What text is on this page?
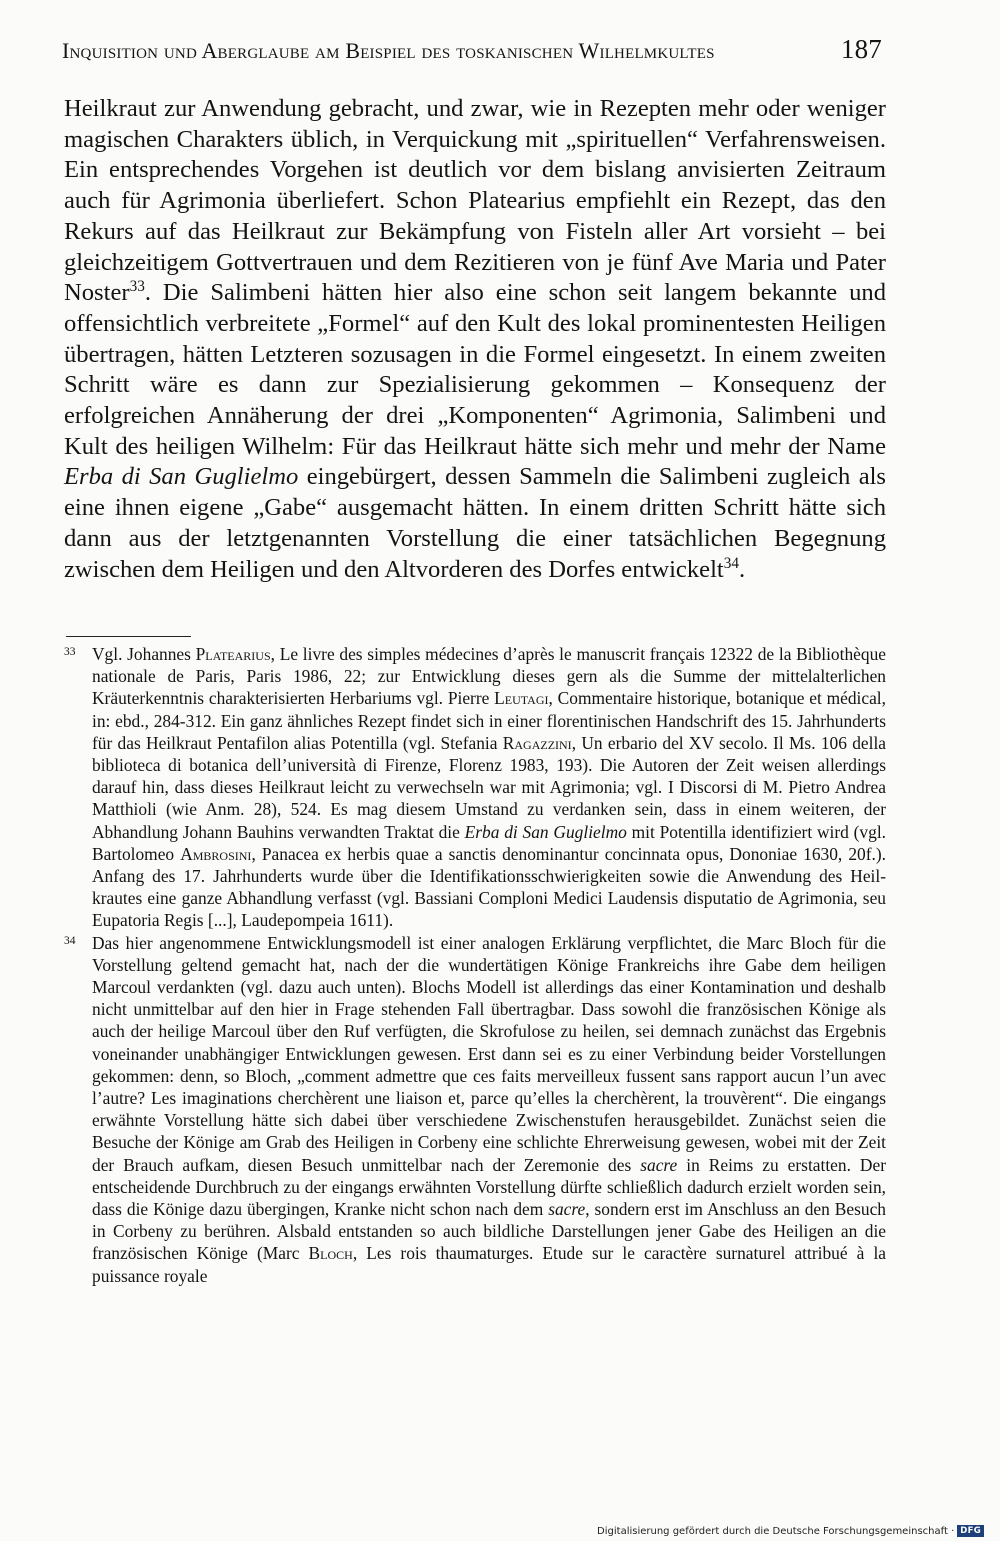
Inquisition und Aberglaube am Beispiel des toskanischen Wilhelmkultes	187

Heilkraut zur Anwendung gebracht, und zwar, wie in Rezepten mehr oder weniger magischen Charakters üblich, in Verquickung mit „spirituellen“ Verfahrensweisen. Ein entsprechendes Vorgehen ist deutlich vor dem bislang anvisierten Zeitraum auch für Agrimonia überliefert. Schon Platearius empfiehlt ein Rezept, das den Rekurs auf das Heilkraut zur Bekämpfung von Fisteln aller Art vorsieht – bei gleichzeitigem Gottvertrauen und dem Rezitieren von je fünf Ave Maria und Pater Noster$^{33}$. Die Salimbeni hätten hier also eine schon seit langem bekannte und offensichtlich verbreitete „Formel“ auf den Kult des lokal prominentesten Heiligen übertragen, hätten Letzteren sozusagen in die Formel eingesetzt. In einem zweiten Schritt wäre es dann zur Spezialisierung gekommen – Konsequenz der erfolgreichen Annäherung der drei „Komponenten“ Agrimonia, Salimbeni und Kult des heiligen Wilhelm: Für das Heilkraut hätte sich mehr und mehr der Name Erba di San Guglielmo eingebürgert, dessen Sammeln die Salimbeni zugleich als eine ihnen eigene „Gabe“ ausgemacht hätten. In einem dritten Schritt hätte sich dann aus der letztgenannten Vorstellung die einer tatsächlichen Begegnung zwischen dem Heiligen und den Altvorderen des Dorfes entwickelt$^{34}$.

33 Vgl. Johannes Platearius, Le livre des simples médecines d’après le manuscrit français 12322 de la Bibliothèque nationale de Paris, Paris 1986, 22; zur Entwicklung dieses gern als die Summe der mittelalterlichen Kräuterkenntnis charakterisierten Herbariums vgl. Pierre Leutagi, Commentaire historique, botanique et médical, in: ebd., 284-312. Ein ganz ähnliches Rezept findet sich in einer florentinischen Handschrift des 15. Jahrhunderts für das Heilkraut Pentafilon alias Potentilla (vgl. Stefania Ragazzini, Un erbario del XV secolo. Il Ms. 106 della biblioteca di botanica dell’università di Firenze, Florenz 1983, 193). Die Autoren der Zeit weisen allerdings darauf hin, dass dieses Heilkraut leicht zu verwechseln war mit Agrimonia; vgl. I Discorsi di M. Pietro Andrea Matthioli (wie Anm. 28), 524. Es mag diesem Umstand zu verdanken sein, dass in einem weiteren, der Abhandlung Johann Bauhins verwandten Traktat die Erba di San Guglielmo mit Potentilla identifiziert wird (vgl. Bartolomeo Ambrosini, Panacea ex herbis quae a sanctis denominantur concinnata opus, Dononiae 1630, 20f.). Anfang des 17. Jahrhunderts wurde über die Identifikationsschwierigkeiten sowie die Anwendung des Heilkrautes eine ganze Abhandlung verfasst (vgl. Bassiani Comploni Medici Laudensis disputatio de Agrimonia, seu Eupatoria Regis [...], Laudepompeia 1611).

34 Das hier angenommene Entwicklungsmodell ist einer analogen Erklärung verpflichtet, die Marc Bloch für die Vorstellung geltend gemacht hat, nach der die wundertätigen Könige Frankreichs ihre Gabe dem heiligen Marcoul verdankten (vgl. dazu auch unten). Blochs Modell ist allerdings das einer Kontamination und deshalb nicht unmittelbar auf den hier in Frage stehenden Fall übertragbar. Dass sowohl die französischen Könige als auch der heilige Marcoul über den Ruf verfügten, die Skrofulose zu heilen, sei demnach zunächst das Ergebnis voneinander unabhängiger Entwicklungen gewesen. Erst dann sei es zu einer Verbindung beider Vorstellungen gekommen: denn, so Bloch, „comment admettre que ces faits merveilleux fussent sans rapport aucun l’un avec l’autre? Les imaginations cherchèrent une liaison et, parce qu’elles la cherchèrent, la trouvèrent“. Die eingangs erwähnte Vorstellung hätte sich dabei über verschiedene Zwischenstufen herausgebildet. Zunächst seien die Besuche der Könige am Grab des Heiligen in Corbeny eine schlichte Ehrerweisung gewesen, wobei mit der Zeit der Brauch aufkam, diesen Besuch unmittelbar nach der Zeremonie des sacre in Reims zu erstatten. Der entscheidende Durchbruch zu der eingangs erwähnten Vorstellung dürfte schließlich dadurch erzielt worden sein, dass die Könige dazu übergingen, Kranke nicht schon nach dem sacre, sondern erst im Anschluss an den Besuch in Corbeny zu berühren. Alsbald entstanden so auch bildliche Darstellungen jener Gabe des Heiligen an die französischen Könige (Marc Bloch, Les rois thaumaturges. Etude sur le caractère surnaturel attribué à la puissance royale

Digitalisierung gefördert durch die Deutsche Forschungsgemeinschaft · DFG
